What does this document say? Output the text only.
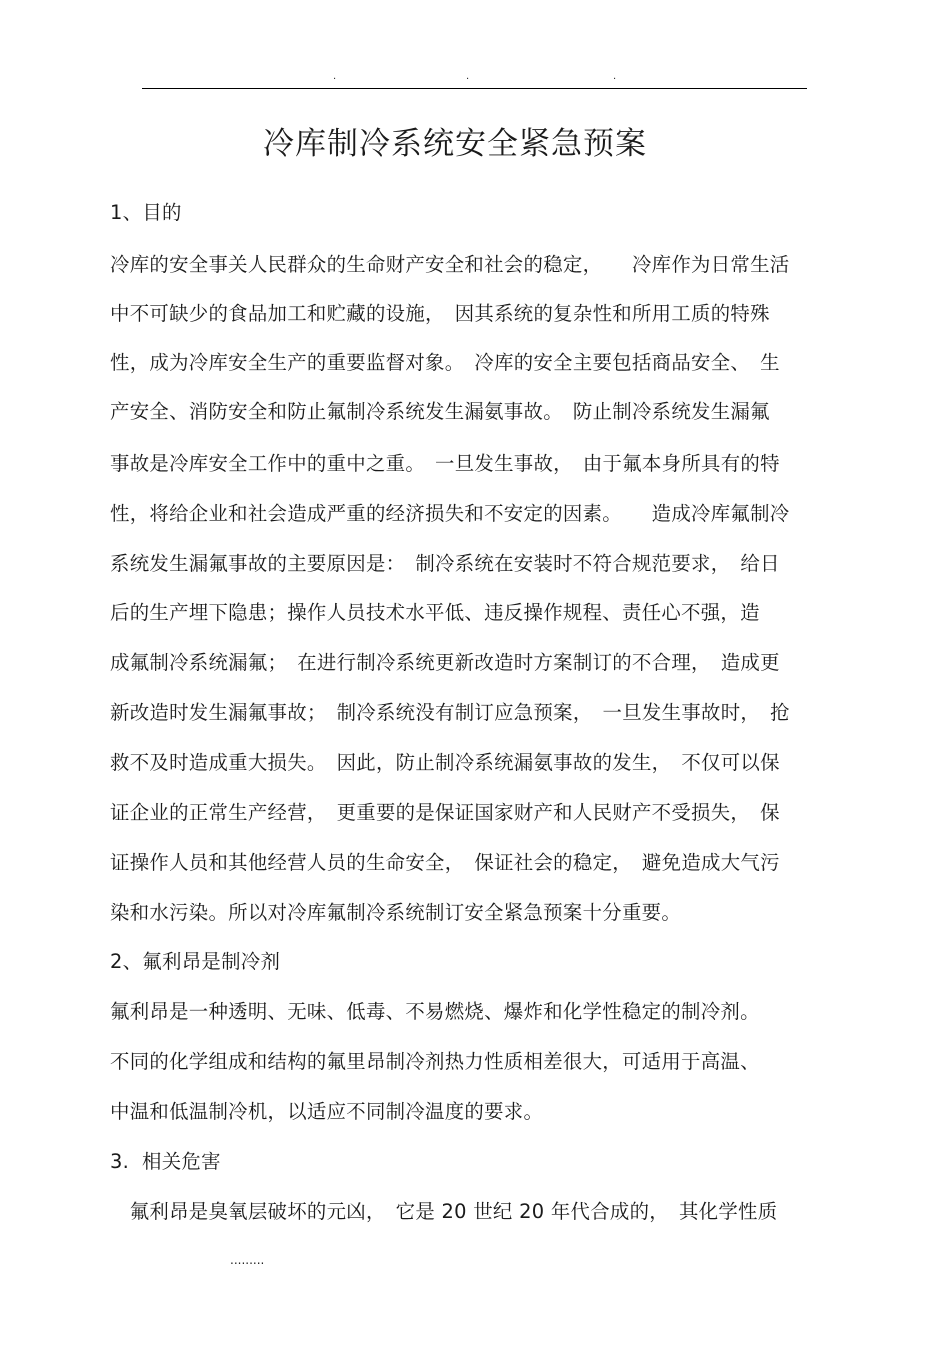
.	.	.
冷库制冷系统安全紧急预案
1、目的
冷库的安全事关人民群众的生命财产安全和社会的稳定，　　冷库作为日常生活
中不可缺少的食品加工和贮藏的设施，　因其系统的复杂性和所用工质的特殊
性，成为冷库安全生产的重要监督对象。　冷库的安全主要包括商品安全、　生
产安全、消防安全和防止氟制冷系统发生漏氨事故。　防止制冷系统发生漏氟
事故是冷库安全工作中的重中之重。　一旦发生事故，　由于氟本身所具有的特
性，将给企业和社会造成严重的经济损失和不安定的因素。　　造成冷库氟制冷
系统发生漏氟事故的主要原因是：　制冷系统在安装时不符合规范要求，　给日
后的生产埋下隐患；操作人员技术水平低、违反操作规程、责任心不强，造
成氟制冷系统漏氟；　在进行制冷系统更新改造时方案制订的不合理，　造成更
新改造时发生漏氟事故；　制冷系统没有制订应急预案，　一旦发生事故时，　抢
救不及时造成重大损失。　因此，防止制冷系统漏氨事故的发生，　不仅可以保
证企业的正常生产经营，　更重要的是保证国家财产和人民财产不受损失，　保
证操作人员和其他经营人员的生命安全，　保证社会的稳定，　避免造成大气污
染和水污染。所以对冷库氟制冷系统制订安全紧急预案十分重要。
2、氟利昂是制冷剂
氟利昂是一种透明、无味、低毒、不易燃烧、爆炸和化学性稳定的制冷剂。
不同的化学组成和结构的氟里昂制冷剂热力性质相差很大，可适用于高温、
中温和低温制冷机，以适应不同制冷温度的要求。
3.  相关危害
　氟利昂是臭氧层破坏的元凶，　它是 20 世纪 20 年代合成的，　其化学性质
.........
